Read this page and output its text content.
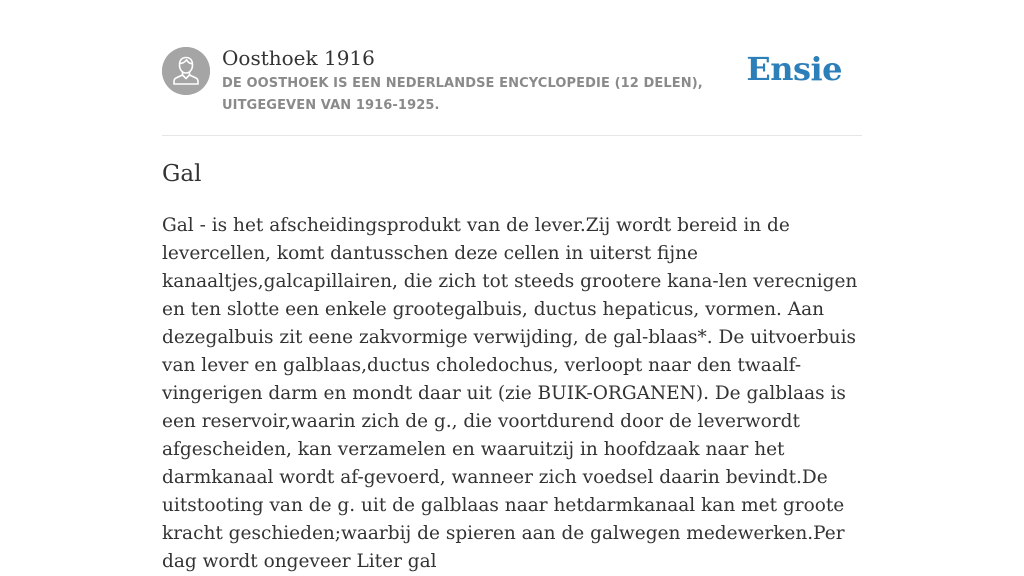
Oosthoek 1916
DE OOSTHOEK IS EEN NEDERLANDSE ENCYCLOPEDIE (12 DELEN), UITGEGEVEN VAN 1916-1925.
Ensie
Gal

Gal - is het afscheidingsprodukt van de lever.Zij wordt bereid in de levercellen, komt dantusschen deze cellen in uiterst fijne kanaaltjes,galcapillairen, die zich tot steeds grootere kana-len verecnigen en ten slotte een enkele grootegalbuis, ductus hepaticus, vormen. Aan dezegalbuis zit eene zakvormige verwijding, de gal-blaas*. De uitvoerbuis van lever en galblaas,ductus choledochus, verloopt naar den twaalf-vingerigen darm en mondt daar uit (zie BUIK-ORGANEN). De galblaas is een reservoir,waarin zich de g., die voortdurend door de leverwordt afgescheiden, kan verzamelen en waaruitzij in hoofdzaak naar het darmkanaal wordt af-gevoerd, wanneer zich voedsel daarin bevindt.De uitstooting van de g. uit de galblaas naar hetdarmkanaal kan met groote kracht geschieden;waarbij de spieren aan de galwegen medewerken.Per dag wordt ongeveer Liter gal
